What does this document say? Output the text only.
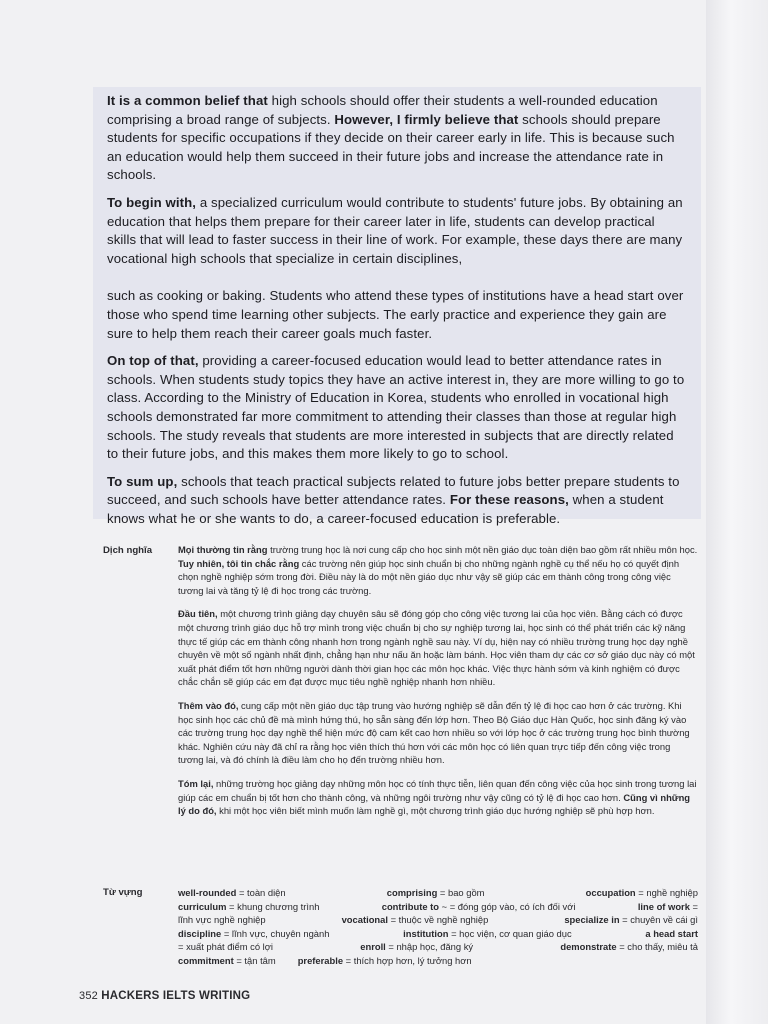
It is a common belief that high schools should offer their students a well-rounded education comprising a broad range of subjects. However, I firmly believe that schools should prepare students for specific occupations if they decide on their career early in life. This is because such an education would help them succeed in their future jobs and increase the attendance rate in schools.

To begin with, a specialized curriculum would contribute to students' future jobs. By obtaining an education that helps them prepare for their career later in life, students can develop practical skills that will lead to faster success in their line of work. For example, these days there are many vocational high schools that specialize in certain disciplines,

such as cooking or baking. Students who attend these types of institutions have a head start over those who spend time learning other subjects. The early practice and experience they gain are sure to help them reach their career goals much faster.

On top of that, providing a career-focused education would lead to better attendance rates in schools. When students study topics they have an active interest in, they are more willing to go to class. According to the Ministry of Education in Korea, students who enrolled in vocational high schools demonstrated far more commitment to attending their classes than those at regular high schools. The study reveals that students are more interested in subjects that are directly related to their future jobs, and this makes them more likely to go to school.

To sum up, schools that teach practical subjects related to future jobs better prepare students to succeed, and such schools have better attendance rates. For these reasons, when a student knows what he or she wants to do, a career-focused education is preferable.

Dịch nghĩa	Mọi thường tin rằng trường trung học là nơi cung cấp cho học sinh một nền giáo dục toàn diện bao gồm rất nhiều môn học. Tuy nhiên, tôi tin chắc rằng các trường nên giúp học sinh chuẩn bị cho những ngành nghề cụ thể nếu họ có quyết định chọn nghề nghiệp sớm trong đời. Điều này là do một nền giáo dục như vậy sẽ giúp các em thành công trong công việc tương lai và tăng tỷ lệ đi học trong các trường.

Đầu tiên, một chương trình giảng dạy chuyên sâu sẽ đóng góp cho công việc tương lai của học viên. Bằng cách có được một chương trình giáo dục hỗ trợ mình trong việc chuẩn bị cho sự nghiệp tương lai, học sinh có thể phát triển các kỹ năng thực tế giúp các em thành công nhanh hơn trong ngành nghề sau này. Ví dụ, hiện nay có nhiều trường trung học dạy nghề chuyên về một số ngành nhất định, chẳng hạn như nấu ăn hoặc làm bánh. Học viên tham dự các cơ sở giáo dục này có một xuất phát điểm tốt hơn những người dành thời gian học các môn học khác. Việc thực hành sớm và kinh nghiệm có được chắc chắn sẽ giúp các em đạt được mục tiêu nghề nghiệp nhanh hơn nhiều.

Thêm vào đó, cung cấp một nền giáo dục tập trung vào hướng nghiệp sẽ dẫn đến tỷ lệ đi học cao hơn ở các trường. Khi học sinh học các chủ đề mà mình hứng thú, họ sẵn sàng đến lớp hơn. Theo Bộ Giáo dục Hàn Quốc, học sinh đăng ký vào các trường trung học dạy nghề thể hiện mức độ cam kết cao hơn nhiều so với lớp học ở các trường trung học bình thường khác. Nghiên cứu này đã chỉ ra rằng học viên thích thú hơn với các môn học có liên quan trực tiếp đến công việc trong tương lai, và đó chính là điều làm cho họ đến trường nhiều hơn.

Tóm lại, những trường học giảng dạy những môn học có tính thực tiễn, liên quan đến công việc của học sinh trong tương lai giúp các em chuẩn bị tốt hơn cho thành công, và những ngôi trường như vậy cũng có tỷ lệ đi học cao hơn. Cũng vì những lý do đó, khi một học viên biết mình muốn làm nghề gì, một chương trình giáo dục hướng nghiệp sẽ phù hợp hơn.

Từ vựng	well-rounded = toàn diện	comprising = bao gồm	occupation = nghề nghiệp
curriculum = khung chương trình	contribute to ~ = đóng góp vào, có ích đối với	line of work =
lĩnh vực nghề nghiệp	vocational = thuộc về nghề nghiệp	specialize in = chuyên về cái gì
discipline = lĩnh vực, chuyên ngành	institution = học viện, cơ quan giáo dục	a head start
= xuất phát điểm có lợi	enroll = nhập học, đăng ký	demonstrate = cho thấy, miêu tả
commitment = tận tâm preferable = thích hợp hơn, lý tưởng hơn
352 HACKERS IELTS WRITING
